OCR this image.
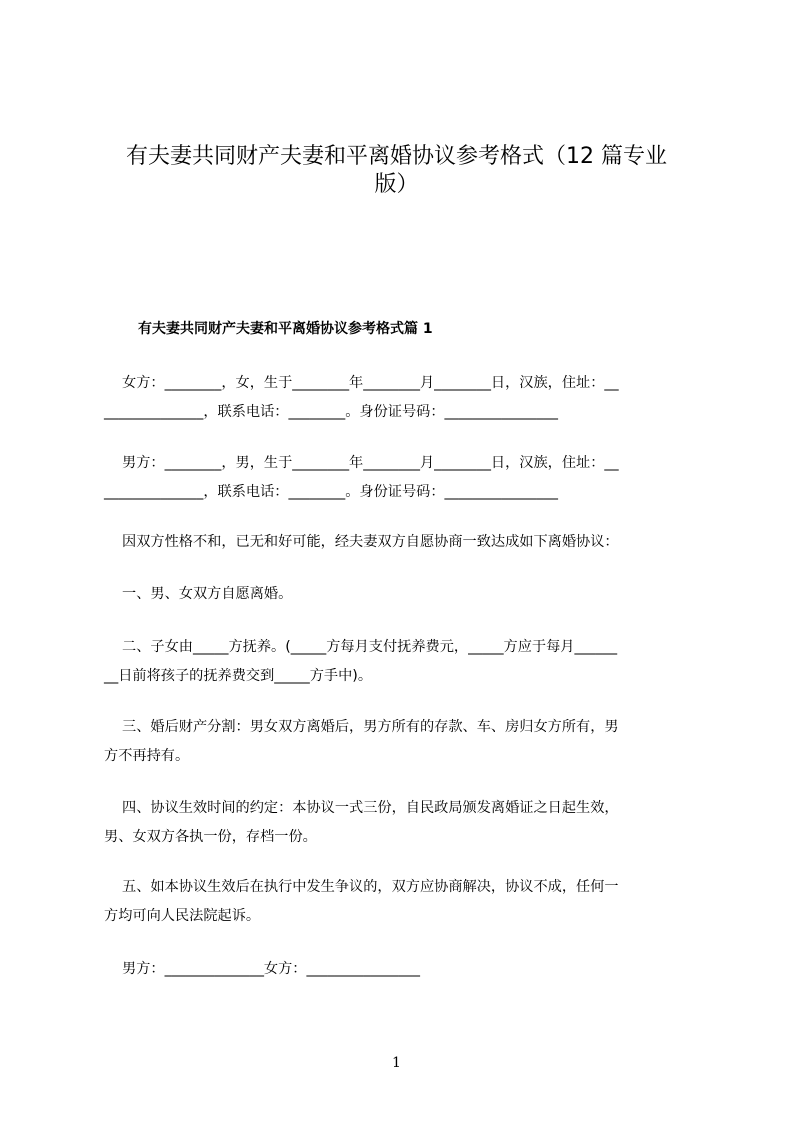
有夫妻共同财产夫妻和平离婚协议参考格式（12 篇专业
版）
有夫妻共同财产夫妻和平离婚协议参考格式篇 1

女方：________，女，生于________年________月________日，汉族，住址：__
______________，联系电话：________。身份证号码：________________

男方：________，男，生于________年________月________日，汉族，住址：__
______________，联系电话：________。身份证号码：________________

因双方性格不和，已无和好可能，经夫妻双方自愿协商一致达成如下离婚协议：

一、男、女双方自愿离婚。

二、子女由_____方抚养。(_____方每月支付抚养费元，_____方应于每月______
__日前将孩子的抚养费交到_____方手中)。

三、婚后财产分割：男女双方离婚后，男方所有的存款、车、房归女方所有，男
方不再持有。

四、协议生效时间的约定：本协议一式三份，自民政局颁发离婚证之日起生效，
男、女双方各执一份，存档一份。

五、如本协议生效后在执行中发生争议的，双方应协商解决，协议不成，任何一
方均可向人民法院起诉。

男方：______________女方：________________

1
